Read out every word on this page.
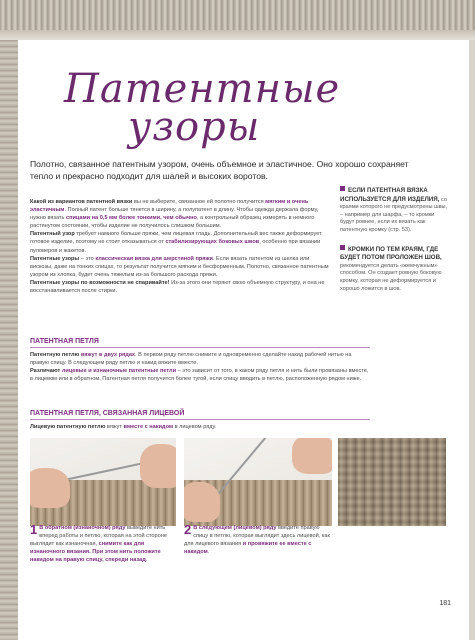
Патентные
узоры
Полотно, связанное патентным узором, очень объемное и эластичное. Оно хорошо сохраняет тепло и прекрасно подходит для шалей и высоких воротов.

Какой из вариантов патентной вязки вы не выберите, связанное ей полотно получится мягким и очень эластичным. Полный патент больше тянется в ширину, а полупатент в длину. Чтобы одежда держала форму, нужно вязать спицами на 0,5 мм более тонкими, чем обычно, а контрольный образец измерять в немного растянутом состоянии, чтобы изделие не получилось слишком большим.

Патентный узор требует намного больше пряжи, чем лицевая гладь. Дополнительный вес также деформирует готовое изделие, поэтому не стоит отказываться от стабилизирующих боковых швов, особенно при вязании пуловеров и жакетов.

Патентные узоры – это классическая вязка для шерстяной пряжи. Если вязать патентом из шелка или вискозы, даже на тонких спицах, то результат получится мягким и бесформенным. Полотно, связанное патентным узором из хлопка, будет очень тяжелым из-за большого расхода пряжи.

Патентные узоры по возможности не спаривайте! Из-за этого они теряют свою объемную структуру, и она не восстанавливается после стирки.

ЕСЛИ ПАТЕНТНАЯ ВЯЗКА ИСПОЛЬЗУЕТСЯ ДЛЯ ИЗДЕЛИЯ, со краями которого не предусмотрены швы, – например для шарфа, – то кромки будут ровнее, если их вязать как патентную кромку (стр. 53).
КРОМКИ ПО ТЕМ КРАЯМ, ГДЕ БУДЕТ ПОТОМ ПРОЛОЖЕН ШОВ, рекомендуется делать «жемчужным» способом. Он создает ровную боковую кромку, которая не деформируется и хорошо ложится в шов.
ПАТЕНТНАЯ ПЕТЛЯ
Патентную петлю вяжут в двух рядах. В первом ряду петлю снимите и одновременно сделайте накид рабочей нитью на правую спицу. В следующем ряду петлю и накид вяжите вместе.
Различают лицевые и изнаночные патентные петли – это зависит от того, в каком ряду петля и нить были провязаны вместе, в лицевом или в обратном. Патентная петля получится более тугой, если спицу вводить в петлю, расположенную рядом ниже.
ПАТЕНТНАЯ ПЕТЛЯ, СВЯЗАННАЯ ЛИЦЕВОЙ
Лицевую патентную петлю вяжут вместе с накидом в лицевом ряду.
1 В обратном (изнаночном) ряду выведите нить вперед работы и петлю, которая на этой стороне выглядит как изнаночная, снимите как для изнаночного вязания. При этом нить положите накидом на правую спицу, спереди назад.
2 В следующем (лицевом) ряду введите правую спицу в петлю, которая выглядит здесь лицевой, как для лицевого вязания и провяжите ее вместе с накидом.
181
